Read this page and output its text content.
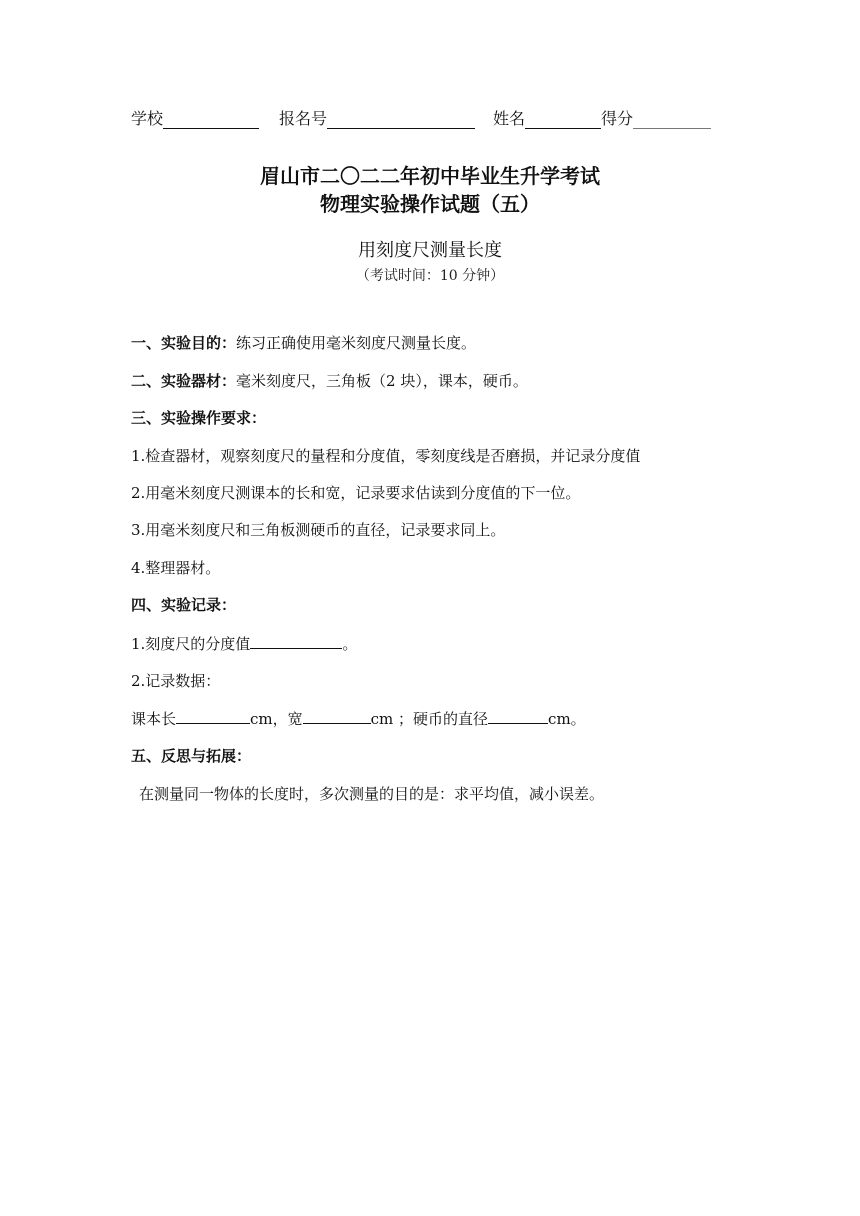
学校	报名号	姓名	得分
眉山市二〇二二年初中毕业生升学考试
物理实验操作试题（五）
用刻度尺测量长度
（考试时间：10 分钟）
一、实验目的：练习正确使用毫米刻度尺测量长度。
二、实验器材：毫米刻度尺，三角板（2 块），课本，硬币。
三、实验操作要求：
1.检查器材，观察刻度尺的量程和分度值，零刻度线是否磨损，并记录分度值
2.用毫米刻度尺测课本的长和宽，记录要求估读到分度值的下一位。
3.用毫米刻度尺和三角板测硬币的直径，记录要求同上。
4.整理器材。
四、实验记录：
1.刻度尺的分度值	。
2.记录数据：
课本长	cm，宽	cm ；硬币的直径	cm。
五、反思与拓展：
在测量同一物体的长度时，多次测量的目的是：求平均值，减小误差。
